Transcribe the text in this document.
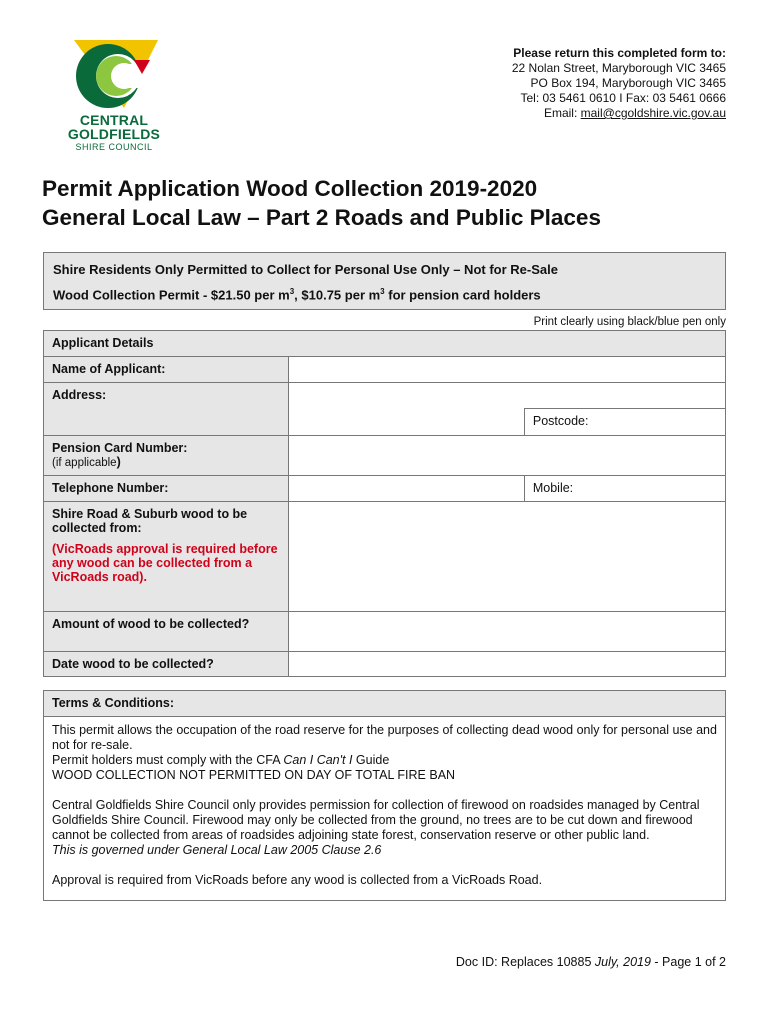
CENTRAL
GOLDFIELDS
SHIRE COUNCIL
Please return this completed form to:
22 Nolan Street, Maryborough VIC 3465
PO Box 194, Maryborough VIC 3465
Tel: 03 5461 0610 I Fax: 03 5461 0666
Email: mail@cgoldshire.vic.gov.au
Permit Application Wood Collection 2019-2020
General Local Law – Part 2 Roads and Public Places
Shire Residents Only Permitted to Collect for Personal Use Only – Not for Re-Sale
Wood Collection Permit - $21.50 per $m^3$, $10.75 per $m^3$ for pension card holders
Print clearly using black/blue pen only
Applicant Details		
Name of Applicant:		
Address:		
		Postcode:

Pension Card Number:
(if applicable)		

Telephone Number:		Mobile:

Shire Road & Suburb wood to be collected from:
(VicRoads approval is required before any wood can be collected from a VicRoads road).		

Amount of wood to be collected?		
Date wood to be collected?		
Terms & Conditions:

This permit allows the occupation of the road reserve for the purposes of collecting dead wood only for personal use and not for re-sale.

Permit holders must comply with the CFA Can I Can't I Guide

WOOD COLLECTION NOT PERMITTED ON DAY OF TOTAL FIRE BAN

Central Goldfields Shire Council only provides permission for collection of firewood on roadsides managed by Central Goldfields Shire Council. Firewood may only be collected from the ground, no trees are to be cut down and firewood cannot be collected from areas of roadsides adjoining state forest, conservation reserve or other public land.

This is governed under General Local Law 2005 Clause 2.6

Approval is required from VicRoads before any wood is collected from a VicRoads Road.

Doc ID: Replaces 10885 July, 2019 - Page 1 of 2
